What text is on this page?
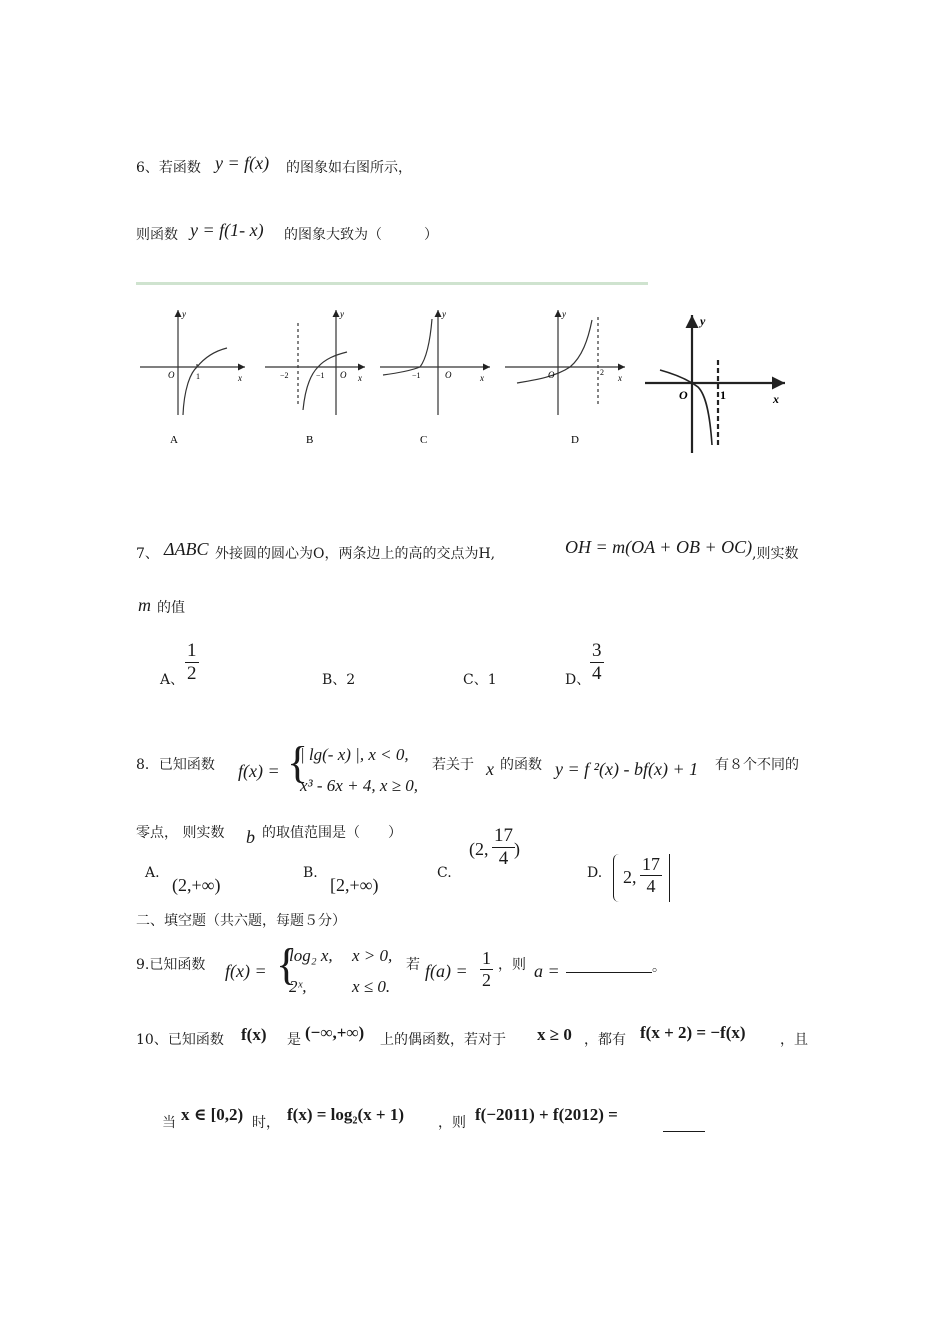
6、若函数 y = f(x) 的图象如右图所示，
则函数 y = f(1- x) 的图象大致为（　　　）
y
x
O	1
A
y
x
O
−2	−1
B
y
x
O
−1
C
y
x
O	2
D
y
x
O	1
7、 ΔABC 外接圆的圆心为O，两条边上的高的交点为H,	OH = m(OA + OB + OC) ,则实数
m 的值
A、 $\frac{1}{2}$	B、2	C、1	D、 $\frac{3}{4}$
8．已知函数 f(x) = {
| lg(- x) |, x < 0,
x³ - 6x + 4, x ≥ 0,
若关于 x 的函数 y = f ²(x) - bf(x) + 1 有８个不同的
零点， 则实数 b 的取值范围是（　　）
A.
(2,+∞)
B.
[2,+∞)
C.
(2, $\frac{17}{4}$ )
D. 2, $\frac{17}{4}$
二、填空题（共六题，每题５分）
9.已知函数 f(x) = {
log₂ x, x > 0,
2ˣ,	x ≤ 0.
若 $f(a) = \frac{1}{2}$ ，则 a =	。
10、已知函数 f(x) 是 (−∞,+∞) 上的偶函数，若对于 x ≥ 0 ，都有 f(x + 2) = −f(x) ，且
当 x ∈ [0,2) 时， f(x) = log₂(x + 1) ，则 f(−2011) + f(2012) =
